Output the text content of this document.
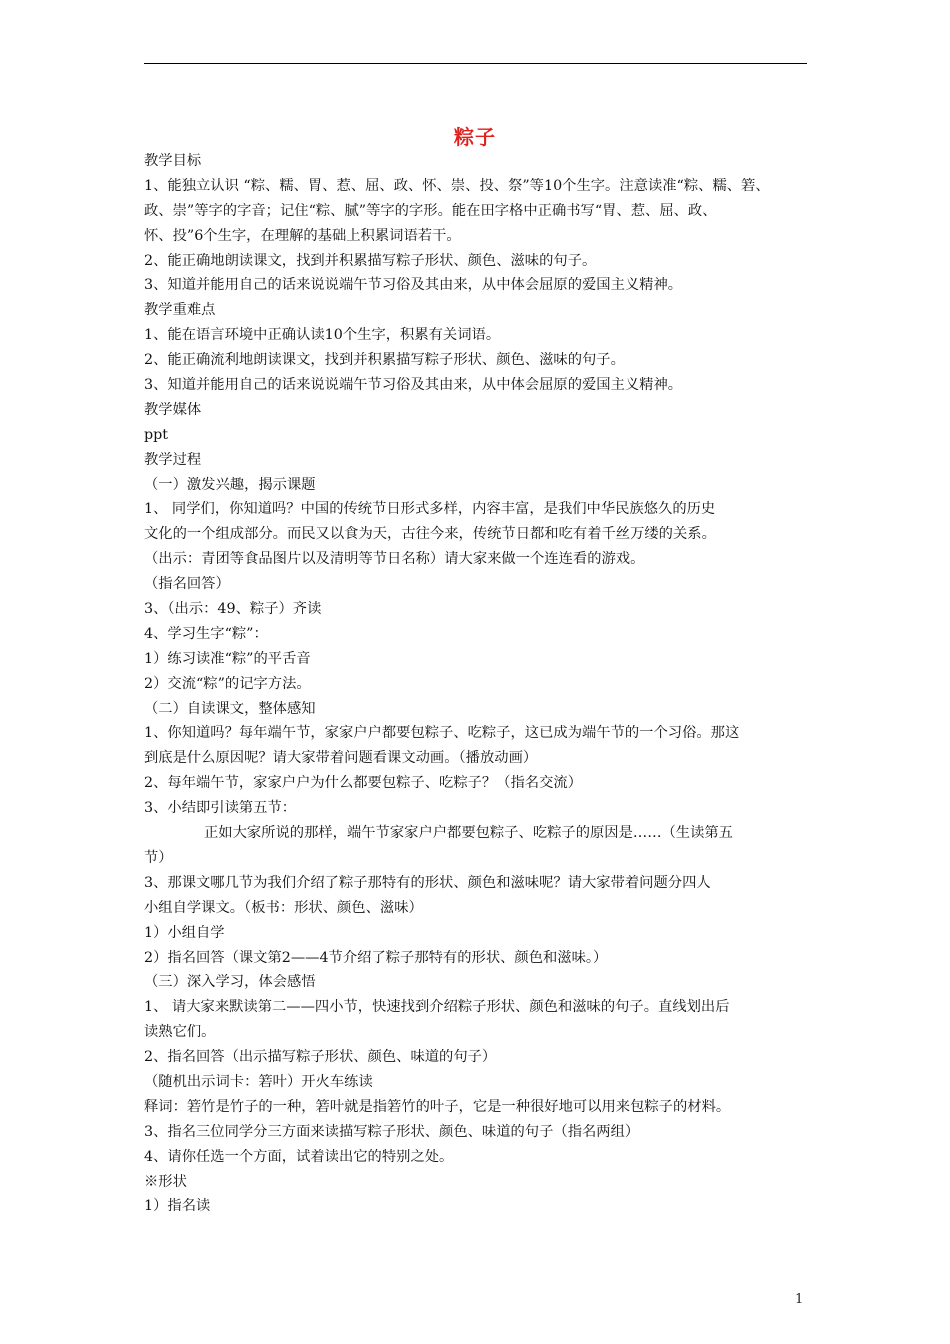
粽子
教学目标
1、能独立认识 “粽、糯、胃、惹、屈、政、怀、崇、投、祭”等10个生字。注意读准“粽、糯、箬、
政、崇”等字的字音；记住“粽、腻”等字的字形。能在田字格中正确书写“胃、惹、屈、政、
怀、投”6个生字，在理解的基础上积累词语若干。
2、能正确地朗读课文，找到并积累描写粽子形状、颜色、滋味的句子。
3、知道并能用自己的话来说说端午节习俗及其由来，从中体会屈原的爱国主义精神。
教学重难点
1、能在语言环境中正确认读10个生字，积累有关词语。
2、能正确流利地朗读课文，找到并积累描写粽子形状、颜色、滋味的句子。
3、知道并能用自己的话来说说端午节习俗及其由来，从中体会屈原的爱国主义精神。
教学媒体
ppt
教学过程
（一）激发兴趣，揭示课题
1、 同学们，你知道吗？中国的传统节日形式多样，内容丰富，是我们中华民族悠久的历史
文化的一个组成部分。而民又以食为天，古往今来，传统节日都和吃有着千丝万缕的关系。
（出示：青团等食品图片以及清明等节日名称）请大家来做一个连连看的游戏。
（指名回答）
3、（出示：49、粽子）齐读
4、学习生字“粽”：
1）练习读准“粽”的平舌音
2）交流“粽”的记字方法。
（二）自读课文，整体感知
1、你知道吗？每年端午节，家家户户都要包粽子、吃粽子，这已成为端午节的一个习俗。那这
到底是什么原因呢？请大家带着问题看课文动画。（播放动画）
2、每年端午节，家家户户为什么都要包粽子、吃粽子？（指名交流）
3、小结即引读第五节：
正如大家所说的那样，端午节家家户户都要包粽子、吃粽子的原因是……（生读第五
节）
3、那课文哪几节为我们介绍了粽子那特有的形状、颜色和滋味呢？请大家带着问题分四人
小组自学课文。（板书：形状、颜色、滋味）
1）小组自学
2）指名回答（课文第2——4节介绍了粽子那特有的形状、颜色和滋味。）
（三）深入学习，体会感悟
1、 请大家来默读第二——四小节，快速找到介绍粽子形状、颜色和滋味的句子。直线划出后
读熟它们。
2、指名回答（出示描写粽子形状、颜色、味道的句子）
（随机出示词卡：箬叶）开火车练读
释词：箬竹是竹子的一种，箬叶就是指箬竹的叶子，它是一种很好地可以用来包粽子的材料。
3、指名三位同学分三方面来读描写粽子形状、颜色、味道的句子（指名两组）
4、请你任选一个方面，试着读出它的特别之处。
※形状
1）指名读
1
